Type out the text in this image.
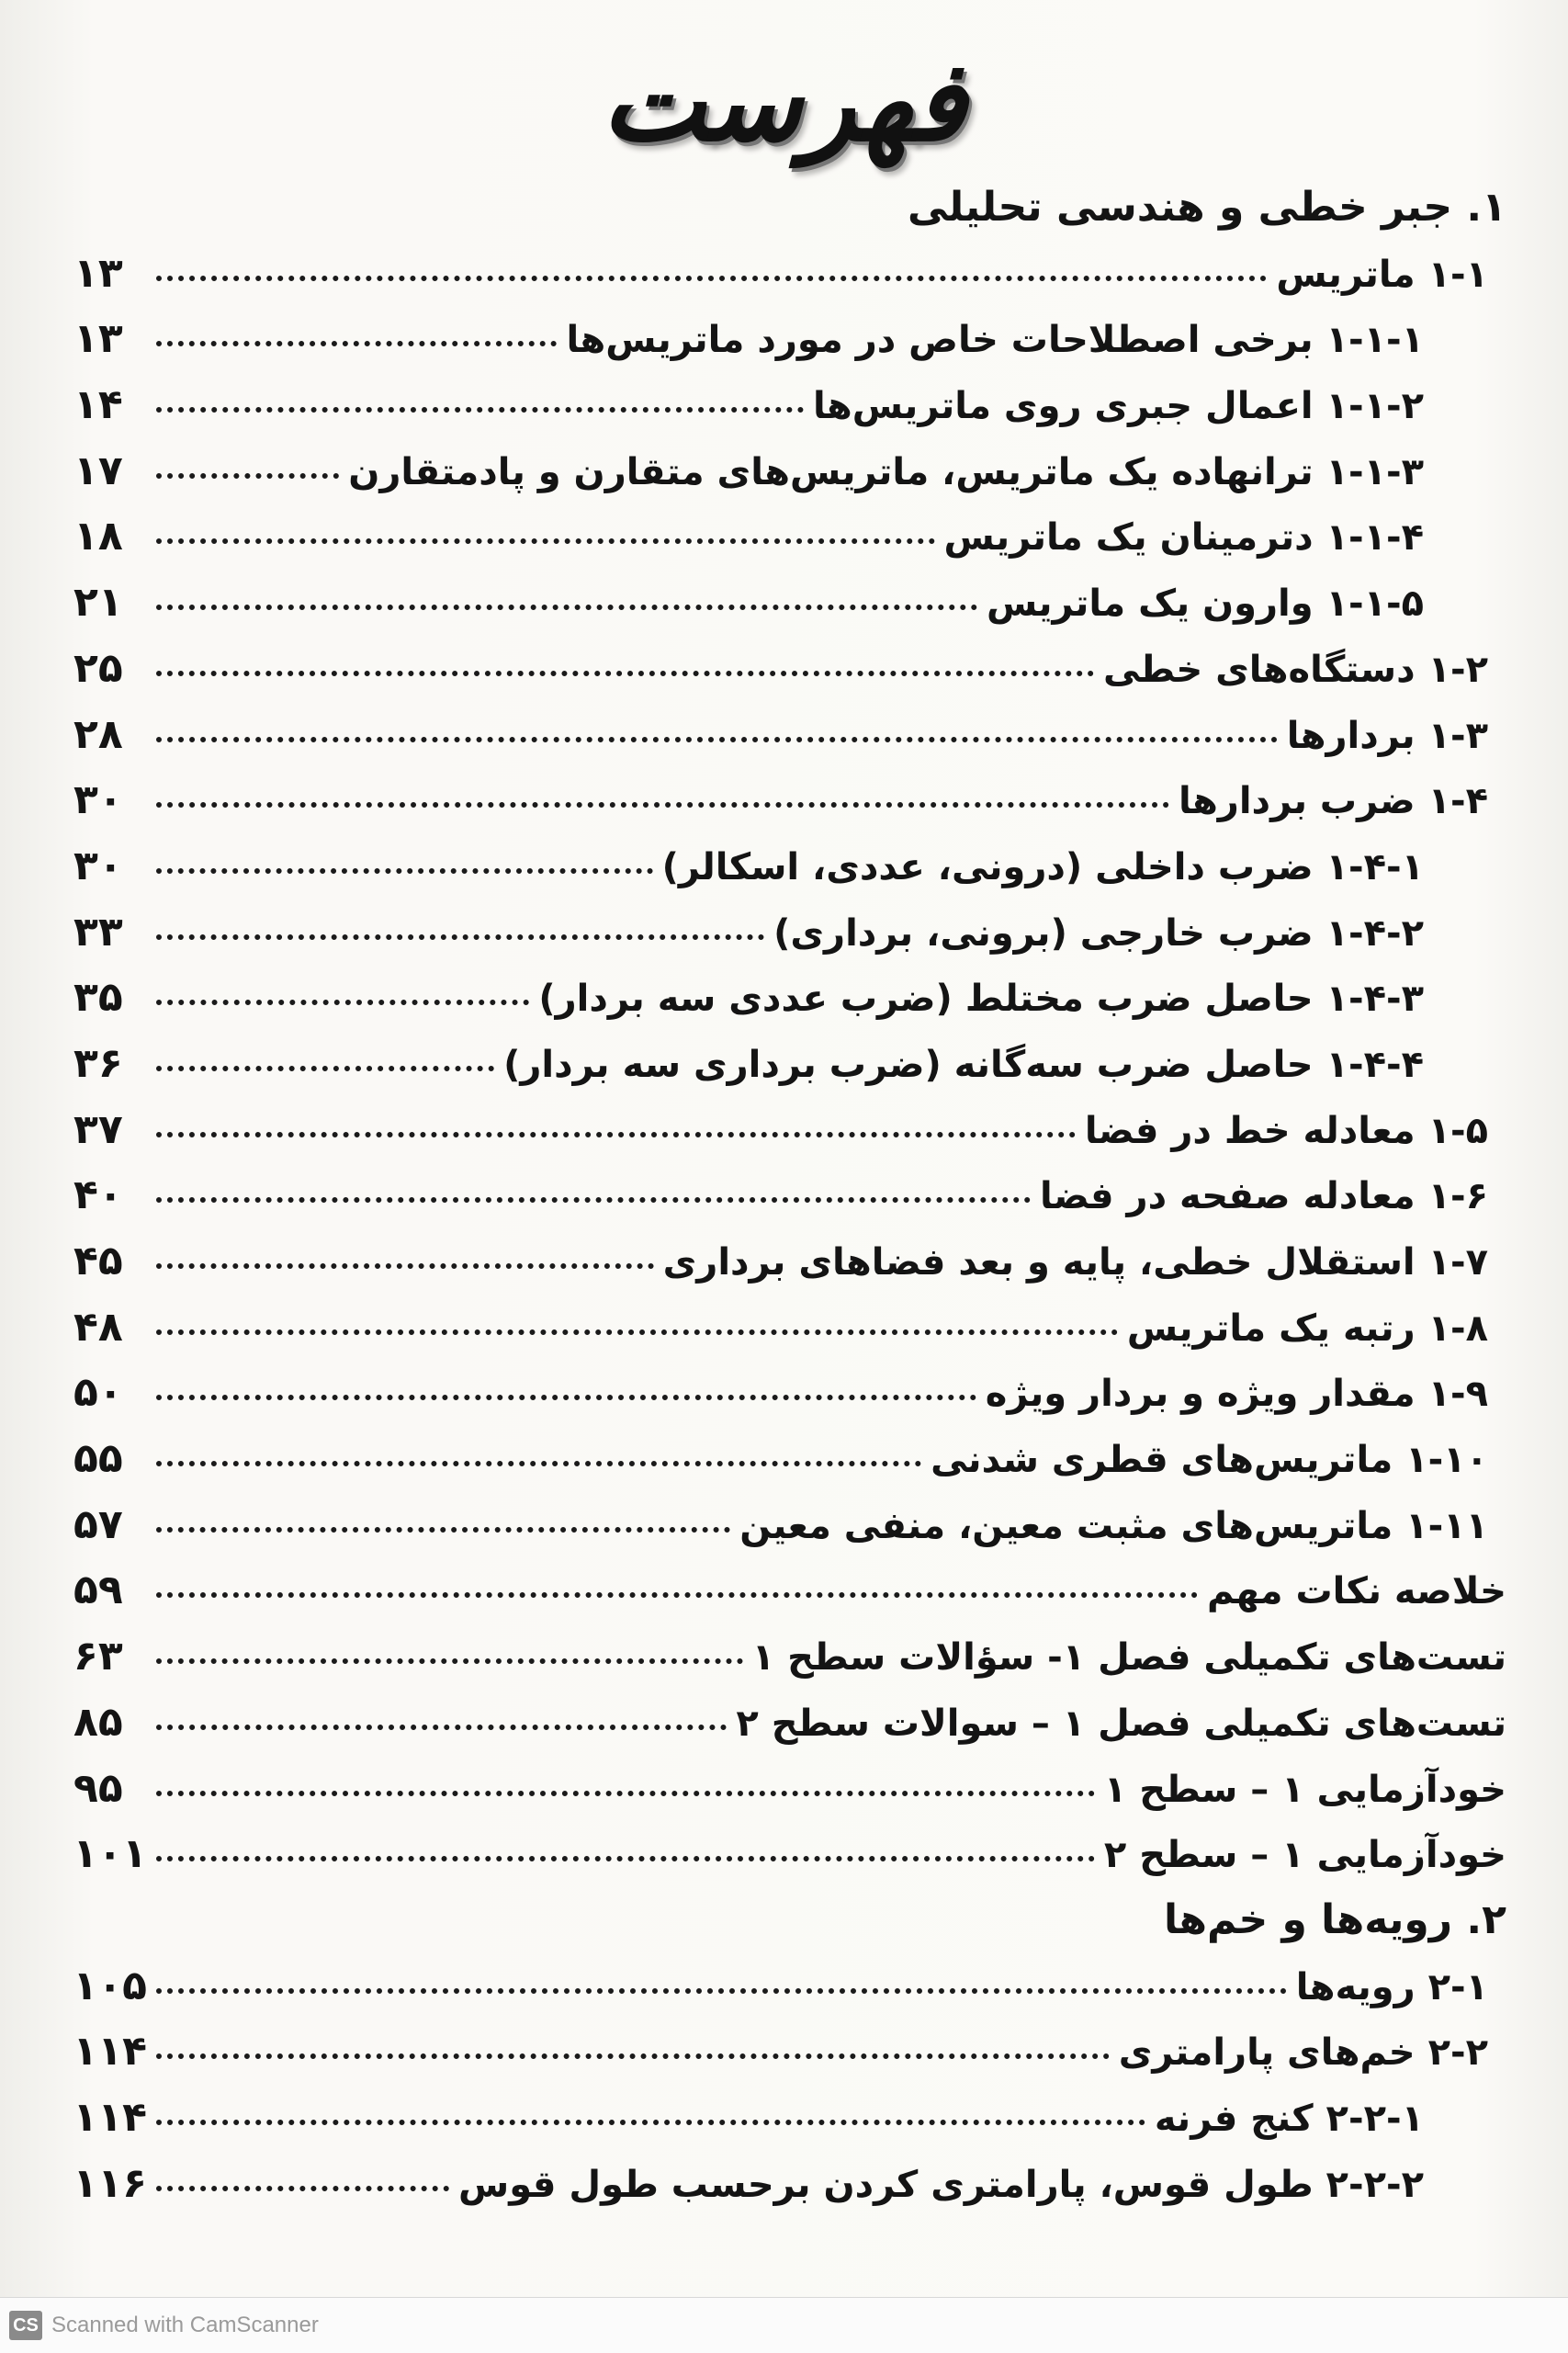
فهرست
۱. جبر خطی و هندسی تحلیلی
۱-۱ ماتریس
۱۳
۱-۱-۱ برخی اصطلاحات خاص در مورد ماتریس‌ها
۱۳
۱-۱-۲ اعمال جبری روی ماتریس‌ها
۱۴
۱-۱-۳ ترانهاده یک ماتریس، ماتریس‌های متقارن و پادمتقارن
۱۷
۱-۱-۴ دترمینان یک ماتریس
۱۸
۱-۱-۵ وارون یک ماتریس
۲۱
۱-۲ دستگاه‌های خطی
۲۵
۱-۳ بردارها
۲۸
۱-۴ ضرب بردارها
۳۰
۱-۴-۱ ضرب داخلی (درونی، عددی، اسکالر)
۳۰
۱-۴-۲ ضرب خارجی (برونی، برداری)
۳۳
۱-۴-۳ حاصل ضرب مختلط (ضرب عددی سه بردار)
۳۵
۱-۴-۴ حاصل ضرب سه‌گانه (ضرب برداری سه بردار)
۳۶
۱-۵ معادله خط در فضا
۳۷
۱-۶ معادله صفحه در فضا
۴۰
۱-۷ استقلال خطی، پایه و بعد فضاهای برداری
۴۵
۱-۸ رتبه یک ماتریس
۴۸
۱-۹ مقدار ویژه و بردار ویژه
۵۰
۱-۱۰ ماتریس‌های قطری شدنی
۵۵
۱-۱۱ ماتریس‌های مثبت معین، منفی معین
۵۷
خلاصه نکات مهم
۵۹
تست‌های تکمیلی فصل ۱- سؤالات سطح ۱
۶۳
تست‌های تکمیلی فصل ۱ – سوالات سطح ۲
۸۵
خودآزمایی ۱ – سطح ۱
۹۵
خودآزمایی ۱ – سطح ۲
۱۰۱
۲. رویه‌ها و خم‌ها
۲-۱ رویه‌ها
۱۰۵
۲-۲ خم‌های پارامتری
۱۱۴
۲-۲-۱ کنج فرنه
۱۱۴
۲-۲-۲ طول قوس، پارامتری کردن برحسب طول قوس
۱۱۶
CS Scanned with CamScanner
